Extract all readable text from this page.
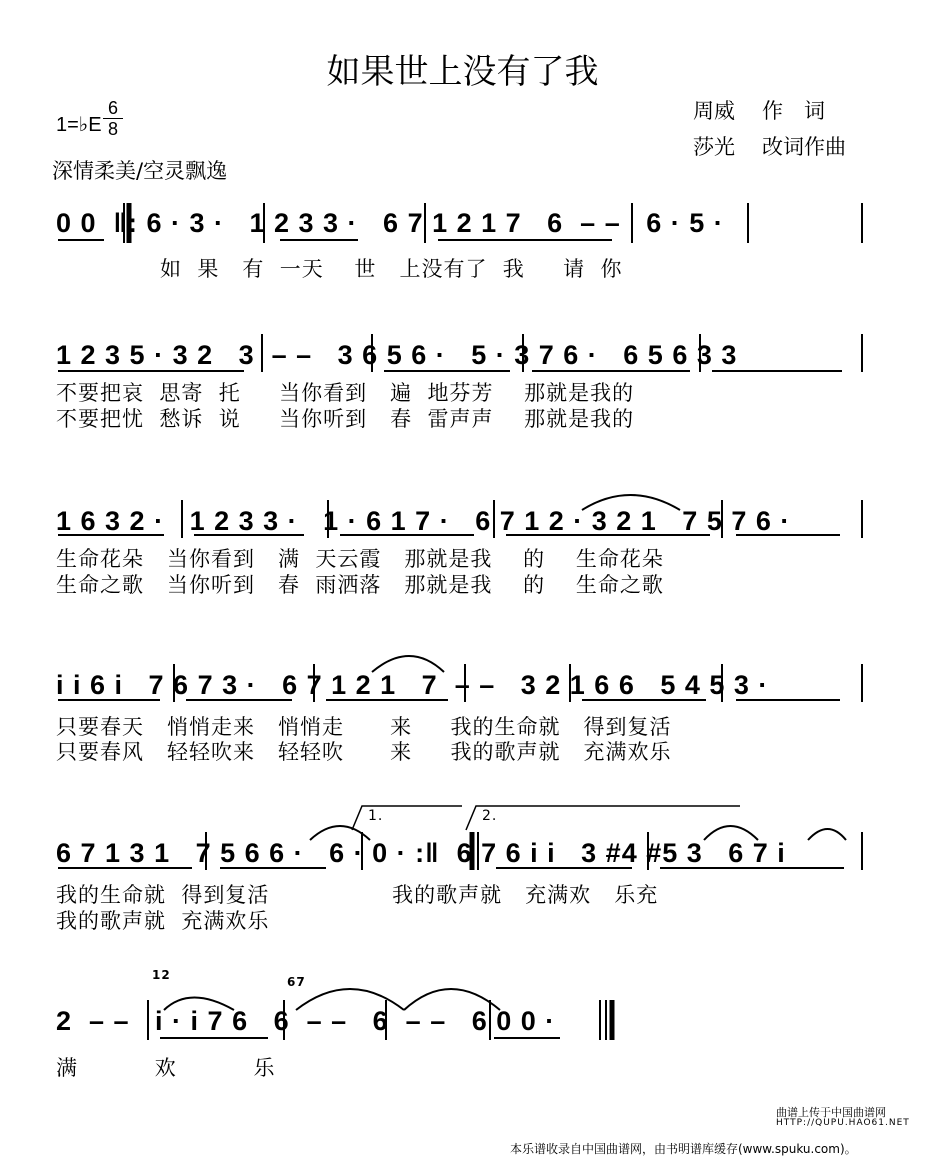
如果世上没有了我
1=♭E
6
8
深情柔美/空灵飘逸
周威 作　词
莎光 改词作曲
0 0  ‖: 6 · 3 ·   1 2 3 3 ·   6 7 1 2 1 7   6  – –   6 · 5 ·
如  果   有  一天    世   上没有了  我     请  你
1 2 3 5 · 3 2   3  – –   3 6 5 6 ·   5 · 3 7 6 ·   6 5 6 3 3
不要把哀  思寄  托     当你看到   遍  地芬芳    那就是我的
不要把忧  愁诉  说     当你听到   春  雷声声    那就是我的
1 6 3 2 ·   1 2 3 3 ·   1 · 6 1 7 ·   6 7 1 2 · 3 2 1   7 5 7 6 ·
生命花朵   当你看到   满  天云霞   那就是我    的    生命花朵
生命之歌   当你听到   春  雨洒落   那就是我    的    生命之歌
i i 6 i   7 6 7 3 ·   6 7 1 2 1   7  – –   3 2 1 6 6   5 4 5 3 ·
只要春天   悄悄走来   悄悄走      来     我的生命就   得到复活
只要春风   轻轻吹来   轻轻吹      来     我的歌声就   充满欢乐
1.	2.
6 7 1 3 1   7 5 6 6 ·   6 · 0 · :‖  6 7 6 i i   3 #4 #5 3   6 7 i
我的生命就  得到复活                我的歌声就   充满欢   乐充
我的歌声就  充满欢乐
12	67
2  – –   i · i 7 6   6  – –   6  – –   6 0 0 ·
满          欢          乐
曲谱上传于中国曲谱网
HTTP://QUPU.HAO61.NET
本乐谱收录自中国曲谱网，由书明谱库缓存(www.spuku.com)。
